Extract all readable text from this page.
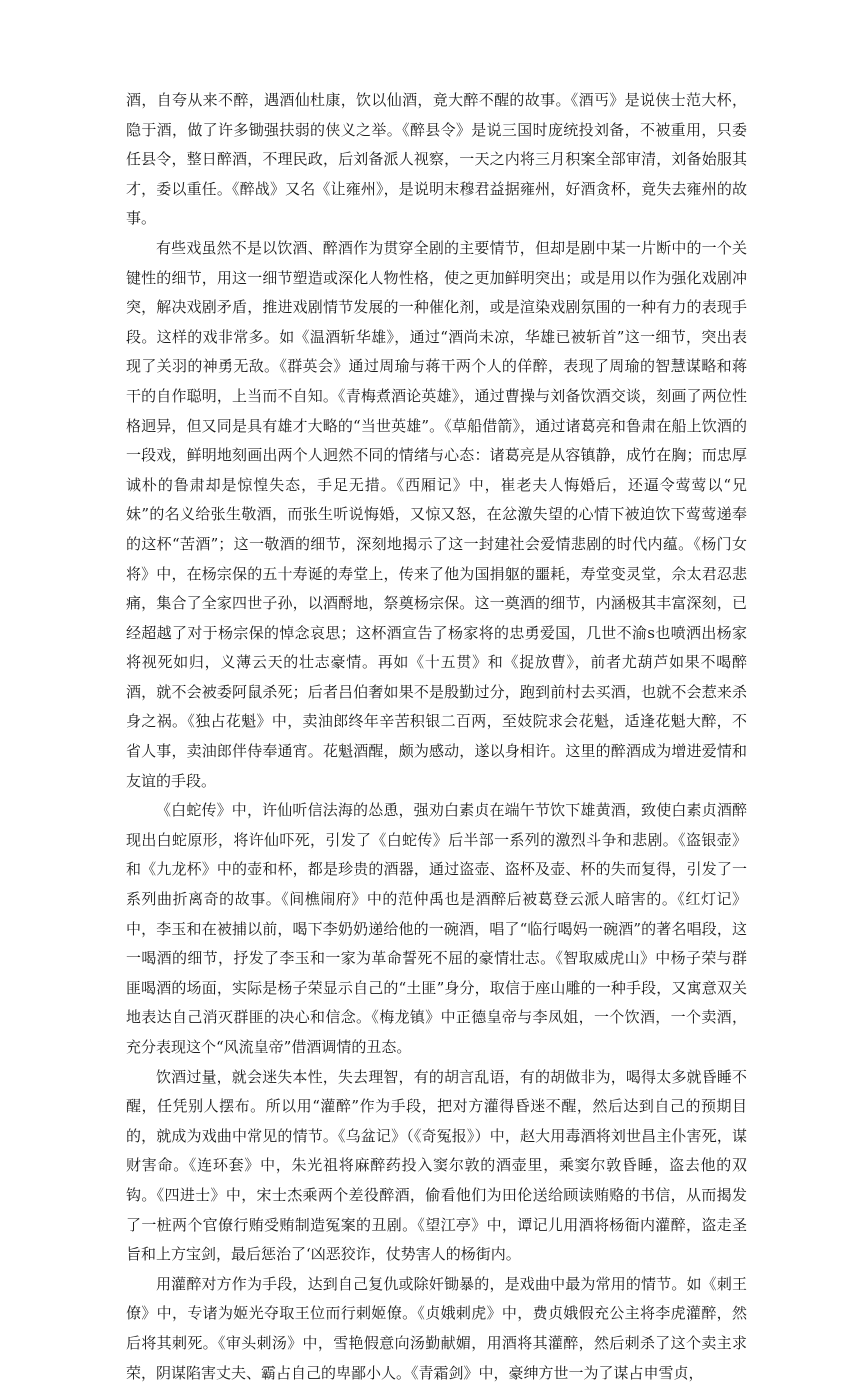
酒，自夸从来不醉，遇酒仙杜康，饮以仙酒，竟大醉不醒的故事。《酒丐》是说侠士范大杯，隐于酒，做了许多锄强扶弱的侠义之举。《醉县令》是说三国时庞统投刘备，不被重用，只委任县令，整日醉酒，不理民政，后刘备派人视察，一天之内将三月积案全部审清，刘备始服其才，委以重任。《醉战》又名《让雍州》，是说明末穆君益据雍州，好酒贪杯，竟失去雍州的故事。

有些戏虽然不是以饮酒、醉酒作为贯穿全剧的主要情节，但却是剧中某一片断中的一个关键性的细节，用这一细节塑造或深化人物性格，使之更加鲜明突出；或是用以作为强化戏剧冲突，解决戏剧矛盾，推进戏剧情节发展的一种催化剂，或是渲染戏剧氛围的一种有力的表现手段。这样的戏非常多。如《温酒斩华雄》，通过“酒尚未凉，华雄已被斩首”这一细节，突出表现了关羽的神勇无敌。《群英会》通过周瑜与蒋干两个人的佯醉，表现了周瑜的智慧谋略和蒋干的自作聪明，上当而不自知。《青梅煮酒论英雄》，通过曹操与刘备饮酒交谈，刻画了两位性格迥异，但又同是具有雄才大略的“当世英雄”。《草船借箭》，通过诸葛亮和鲁肃在船上饮酒的一段戏，鲜明地刻画出两个人迥然不同的情绪与心态：诸葛亮是从容镇静，成竹在胸；而忠厚诚朴的鲁肃却是惊惶失态，手足无措。《西厢记》中，崔老夫人悔婚后，还逼令莺莺以“兄妹”的名义给张生敬酒，而张生听说悔婚，又惊又怒，在忿激失望的心情下被迫饮下莺莺递奉的这杯“苦酒”；这一敬酒的细节，深刻地揭示了这一封建社会爱情悲剧的时代内蕴。《杨门女将》中，在杨宗保的五十寿诞的寿堂上，传来了他为国捐躯的噩耗，寿堂变灵堂，佘太君忍悲痛，集合了全家四世子孙，以酒酹地，祭奠杨宗保。这一奠酒的细节，内涵极其丰富深刻，已经超越了对于杨宗保的悼念哀思；这杯酒宣告了杨家将的忠勇爱国，几世不渝s也喷洒出杨家将视死如归，义薄云天的壮志豪情。再如《十五贯》和《捉放曹》，前者尤葫芦如果不喝醉酒，就不会被委阿鼠杀死；后者吕伯奢如果不是殷勤过分，跑到前村去买酒，也就不会惹来杀身之祸。《独占花魁》中，卖油郎终年辛苦积银二百两，至妓院求会花魁，适逢花魁大醉，不省人事，卖油郎伴侍奉通宵。花魁酒醒，颇为感动，遂以身相许。这里的醉酒成为增进爱情和友谊的手段。

《白蛇传》中，许仙听信法海的怂恿，强劝白素贞在端午节饮下雄黄酒，致使白素贞酒醉现出白蛇原形，将许仙吓死，引发了《白蛇传》后半部一系列的激烈斗争和悲剧。《盗银壶》和《九龙杯》中的壶和杯，都是珍贵的酒器，通过盗壶、盗杯及壶、杯的失而复得，引发了一系列曲折离奇的故事。《间樵闹府》中的范仲禹也是酒醉后被葛登云派人暗害的。《红灯记》中，李玉和在被捕以前，喝下李奶奶递给他的一碗酒，唱了“临行喝妈一碗酒”的著名唱段，这一喝酒的细节，抒发了李玉和一家为革命誓死不屈的豪情壮志。《智取威虎山》中杨子荣与群匪喝酒的场面，实际是杨子荣显示自己的“土匪”身分，取信于座山雕的一种手段，又寓意双关地表达自己消灭群匪的决心和信念。《梅龙镇》中正德皇帝与李凤姐，一个饮酒，一个卖酒，充分表现这个“风流皇帝”借酒调情的丑态。

饮酒过量，就会迷失本性，失去理智，有的胡言乱语，有的胡做非为，喝得太多就昏睡不醒，任凭别人摆布。所以用“灌醉”作为手段，把对方灌得昏迷不醒，然后达到自己的预期目的，就成为戏曲中常见的情节。《乌盆记》（《奇冤报》）中，赵大用毒酒将刘世昌主仆害死，谋财害命。《连环套》中，朱光祖将麻醉药投入窦尔敦的酒壶里，乘窦尔敦昏睡，盗去他的双钩。《四进士》中，宋士杰乘两个差役醉酒，偷看他们为田伦送给顾读贿赂的书信，从而揭发了一桩两个官僚行贿受贿制造冤案的丑剧。《望江亭》中，谭记儿用酒将杨衙内灌醉，盗走圣旨和上方宝剑，最后惩治了‘凶恶狡诈，仗势害人的杨街内。

用灌醉对方作为手段，达到自己复仇或除奸锄暴的，是戏曲中最为常用的情节。如《刺王僚》中，专诸为姬光夺取王位而行刺姬僚。《贞娥刺虎》中，费贞娥假充公主将李虎灌醉，然后将其刺死。《审头刺汤》中，雪艳假意向汤勤献媚，用酒将其灌醉，然后刺杀了这个卖主求荣，阴谋陷害丈夫、霸占自己的卑鄙小人。《青霜剑》中，豪绅方世一为了谋占申雪贞，
